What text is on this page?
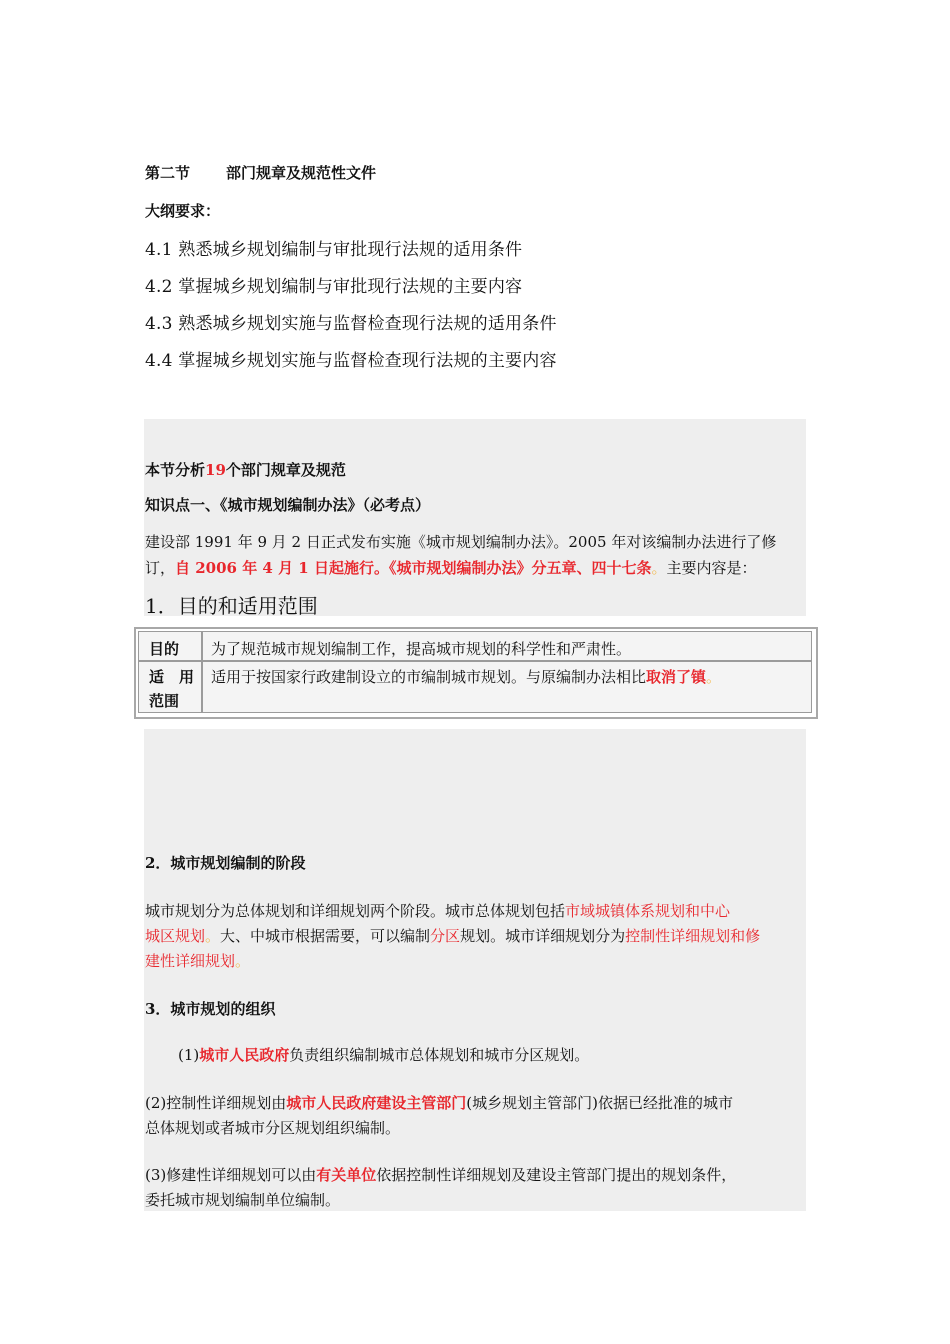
第二节 部门规章及规范性文件
大纲要求：
4.1 熟悉城乡规划编制与审批现行法规的适用条件
4.2 掌握城乡规划编制与审批现行法规的主要内容
4.3 熟悉城乡规划实施与监督检查现行法规的适用条件
4.4 掌握城乡规划实施与监督检查现行法规的主要内容
本节分析19个部门规章及规范
知识点一、《城市规划编制办法》（必考点）
建设部 1991 年 9 月 2 日正式发布实施《城市规划编制办法》。2005 年对该编制办法进行了修
订，自 2006 年 4 月 1 日起施行。《城市规划编制办法》分五章、四十七条。主要内容是：
1．目的和适用范围
目的 为了规范城市规划编制工作，提高城市规划的科学性和严肃性。
适　用
范围
适用于按国家行政建制设立的市编制城市规划。与原编制办法相比取消了镇。
2．城市规划编制的阶段
城市规划分为总体规划和详细规划两个阶段。城市总体规划包括市域城镇体系规划和中心
城区规划。大、中城市根据需要，可以编制分区规划。城市详细规划分为控制性详细规划和修
建性详细规划。
3．城市规划的组织
(1)城市人民政府负责组织编制城市总体规划和城市分区规划。
(2)控制性详细规划由城市人民政府建设主管部门(城乡规划主管部门)依据已经批准的城市
总体规划或者城市分区规划组织编制。
(3)修建性详细规划可以由有关单位依据控制性详细规划及建设主管部门提出的规划条件，
委托城市规划编制单位编制。
